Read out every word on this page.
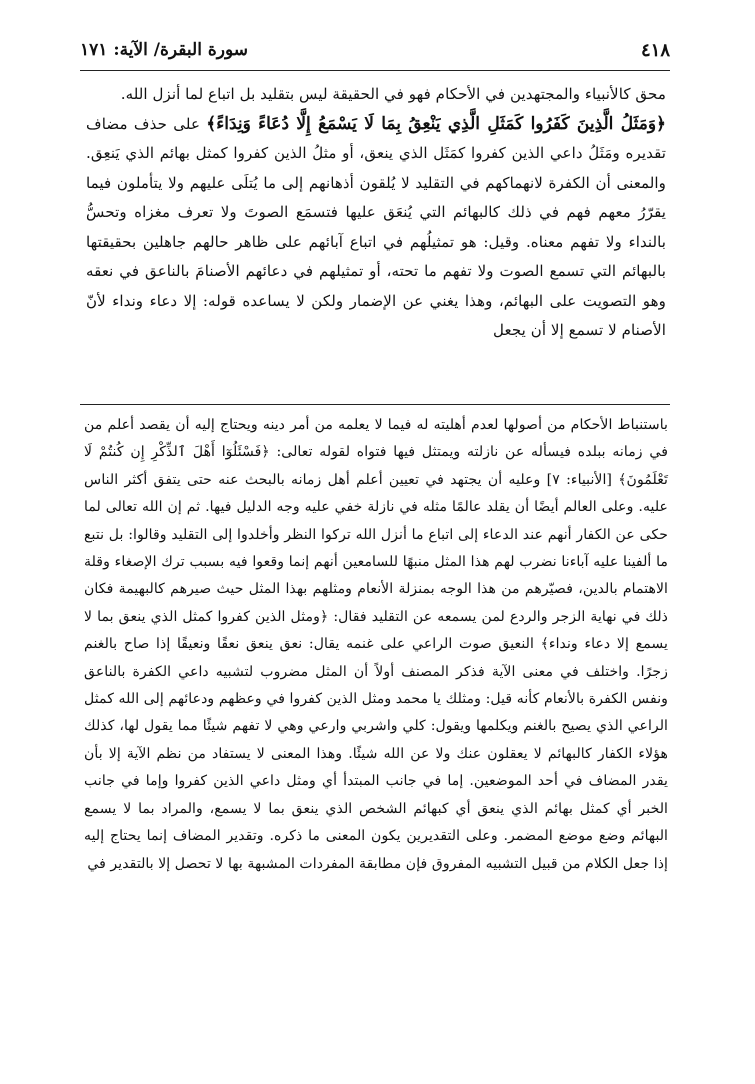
٤١٨
سورة البقرة/ الآية: ١٧١

محق كالأنبياء والمجتهدين في الأحكام فهو في الحقيقة ليس بتقليد بل اتباع لما أنزل الله.

﴿وَمَثَلُ الَّذِينَ كَفَرُوا كَمَثَلِ الَّذِي يَنْعِقُ بِمَا لَا يَسْمَعُ إِلَّا دُعَاءً وَنِدَاءً﴾ على حذف مضاف تقديره ومَثَلُ داعي الذين كفروا كمَثَل الذي ينعق، أو مثلُ الذين كفروا كمثل بهائم الذي يَنعِق. والمعنى أن الكفرة لانهماكهم في التقليد لا يُلقون أذهانهم إلى ما يُتلَى عليهم ولا يتأملون فيما يقرّرُ معهم فهم في ذلك كالبهائم التي يُنعَق عليها فتسمَع الصوتَ ولا تعرف مغزاه وتحسُّ بالنداء ولا تفهم معناه. وقيل: هو تمثيلُهم في اتباع آبائهم على ظاهر حالهم جاهلين بحقيقتها بالبهائم التي تسمع الصوت ولا تفهم ما تحته، أو تمثيلهم في دعائهم الأصنامَ بالناعق في نعقه وهو التصويت على البهائم، وهذا يغني عن الإضمار ولكن لا يساعده قوله: إلا دعاء ونداء لأنّ الأصنام لا تسمع إلا أن يجعل

باستنباط الأحكام من أصولها لعدم أهليته له فيما لا يعلمه من أمر دينه ويحتاج إليه أن يقصد أعلم من في زمانه ببلده فيسأله عن نازلته ويمتثل فيها فتواه لقوله تعالى: ﴿فَسْئَلُوٓا أَهْلَ ٱلذِّكْرِ إِن كُنتُمْ لَا تَعْلَمُونَ﴾ [الأنبياء: ٧] وعليه أن يجتهد في تعيين أعلم أهل زمانه بالبحث عنه حتى يتفق أكثر الناس عليه. وعلى العالم أيضًا أن يقلد عالمًا مثله في نازلة خفي عليه وجه الدليل فيها. ثم إن الله تعالى لما حكى عن الكفار أنهم عند الدعاء إلى اتباع ما أنزل الله تركوا النظر وأخلدوا إلى التقليد وقالوا: بل نتبع ما ألفينا عليه آباءنا نضرب لهم هذا المثل منبهًا للسامعين أنهم إنما وقعوا فيه بسبب ترك الإصغاء وقلة الاهتمام بالدين، فصيّرهم من هذا الوجه بمنزلة الأنعام ومثلهم بهذا المثل حيث صيرهم كالبهيمة فكان ذلك في نهاية الزجر والردع لمن يسمعه عن التقليد فقال: ﴿ومثل الذين كفروا كمثل الذي ينعق بما لا يسمع إلا دعاء ونداء﴾ النعيق صوت الراعي على غنمه يقال: نعق ينعق نعقًا ونعيقًا إذا صاح بالغنم زجرًا. واختلف في معنى الآية فذكر المصنف أولاً أن المثل مضروب لتشبيه داعي الكفرة بالناعق ونفس الكفرة بالأنعام كأنه قيل: ومثلك يا محمد ومثل الذين كفروا في وعظهم ودعائهم إلى الله كمثل الراعي الذي يصيح بالغنم ويكلمها ويقول: كلي واشربي وارعي وهي لا تفهم شيئًا مما يقول لها، كذلك هؤلاء الكفار كالبهائم لا يعقلون عنك ولا عن الله شيئًا. وهذا المعنى لا يستفاد من نظم الآية إلا بأن يقدر المضاف في أحد الموضعين. إما في جانب المبتدأ أي ومثل داعي الذين كفروا وإما في جانب الخبر أي كمثل بهائم الذي ينعق أي كبهائم الشخص الذي ينعق بما لا يسمع، والمراد بما لا يسمع البهائم وضع موضع المضمر. وعلى التقديرين يكون المعنى ما ذكره. وتقدير المضاف إنما يحتاج إليه إذا جعل الكلام من قبيل التشبيه المفروق فإن مطابقة المفردات المشبهة بها لا تحصل إلا بالتقدير في
